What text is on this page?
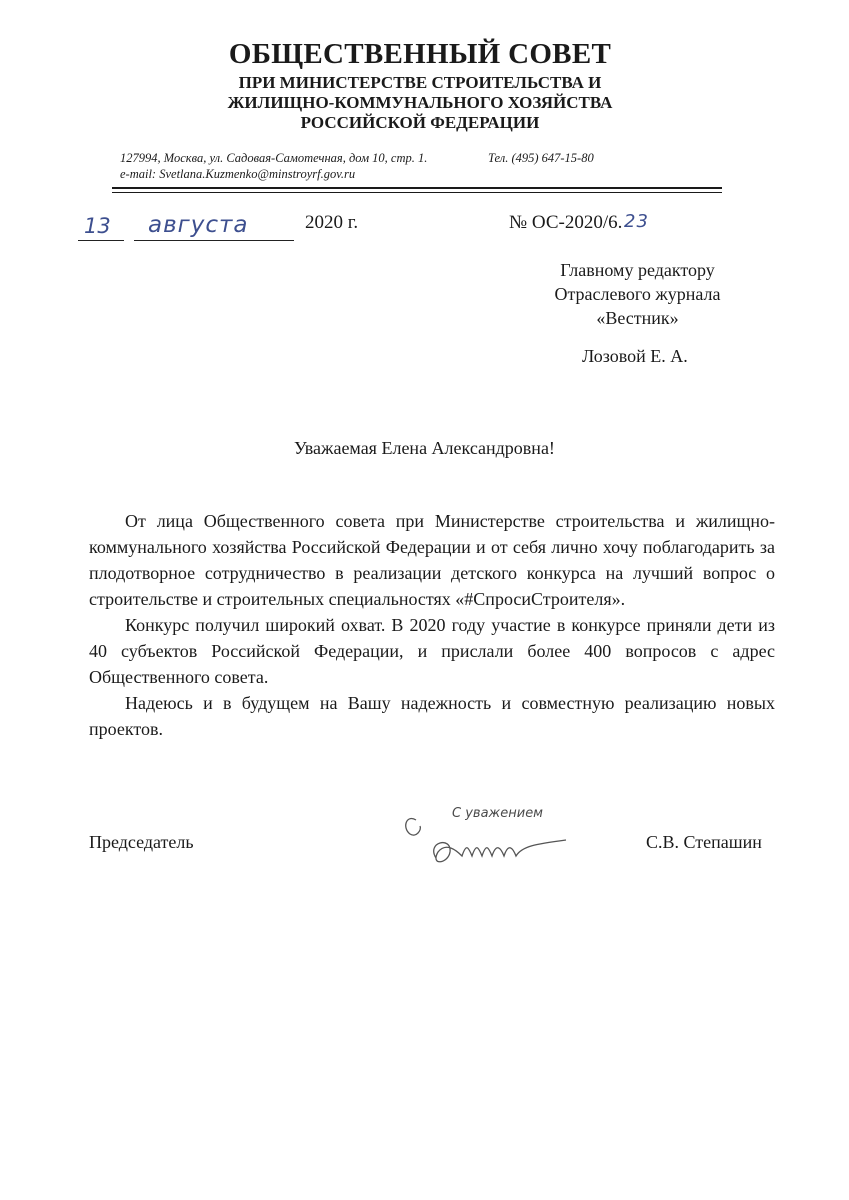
ОБЩЕСТВЕННЫЙ СОВЕТ
ПРИ МИНИСТЕРСТВЕ СТРОИТЕЛЬСТВА И
ЖИЛИЩНО-КОММУНАЛЬНОГО ХОЗЯЙСТВА
РОССИЙСКОЙ ФЕДЕРАЦИИ
127994, Москва, ул. Садовая-Самотечная, дом 10, стр. 1.	Тел. (495) 647-15-80
e-mail: Svetlana.Kuzmenko@minstroyrf.gov.ru
13 августа	2020 г.	№ ОС-2020/6. 23
Главному редактору
Отраслевого журнала
«Вестник»
Лозовой Е. А.
Уважаемая Елена Александровна!

От лица Общественного совета при Министерстве строительства и жилищно-коммунального хозяйства Российской Федерации и от себя лично хочу поблагодарить за плодотворное сотрудничество в реализации детского конкурса на лучший вопрос о строительстве и строительных специальностях «#СпросиСтроителя».

Конкурс получил широкий охват. В 2020 году участие в конкурсе приняли дети из 40 субъектов Российской Федерации, и прислали более 400 вопросов с адрес Общественного совета.

Надеюсь и в будущем на Вашу надежность и совместную реализацию новых проектов.

Председатель
С уважением
С.В. Степашин
